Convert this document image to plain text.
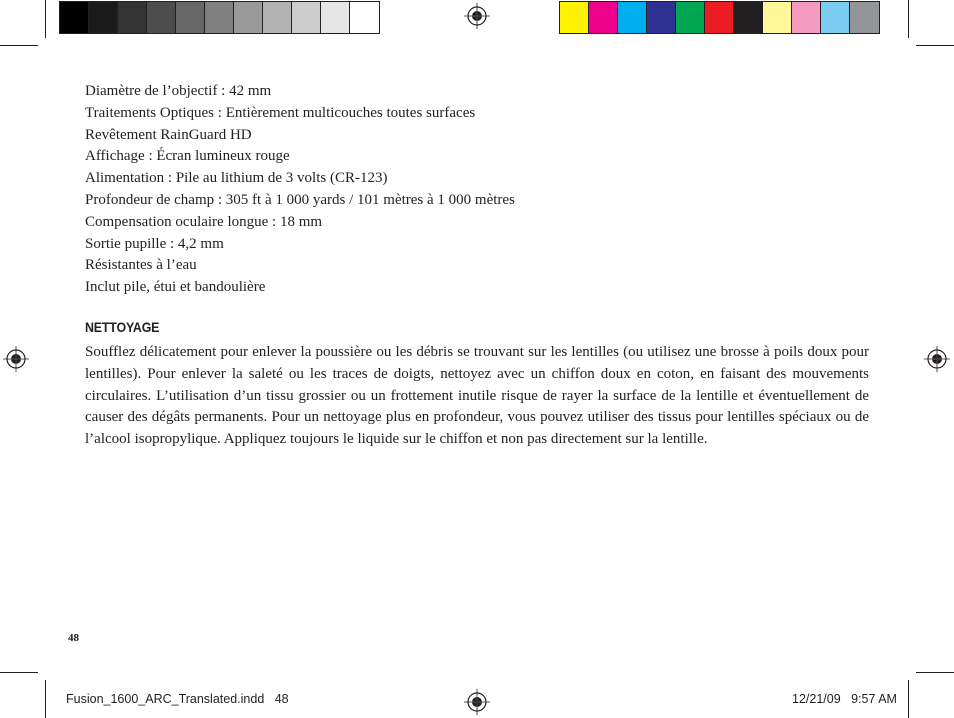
Diamètre de l’objectif : 42 mm
Traitements Optiques : Entièrement multicouches toutes surfaces
Revêtement RainGuard HD
Affichage : Écran lumineux rouge
Alimentation : Pile au lithium de 3 volts (CR-123)
Profondeur de champ : 305 ft à 1 000 yards / 101 mètres à 1 000 mètres
Compensation oculaire longue : 18 mm
Sortie pupille : 4,2 mm
Résistantes à l’eau
Inclut pile, étui et bandoulière
NETTOYAGE

Soufflez délicatement pour enlever la poussière ou les débris se trouvant sur les lentilles (ou utilisez une brosse à poils doux pour lentilles). Pour enlever la saleté ou les traces de doigts, nettoyez avec un chiffon doux en coton, en faisant des mouvements circulaires. L’utilisation d’un tissu grossier ou un frottement inutile risque de rayer la surface de la lentille et éventuellement de causer des dégâts permanents. Pour un nettoyage plus en profondeur, vous pouvez utiliser des tissus pour lentilles spéciaux ou de l’alcool isopropylique. Appliquez toujours le liquide sur le chiffon et non pas directement sur la lentille.

48
Fusion_1600_ARC_Translated.indd   48	12/21/09   9:57 AM
